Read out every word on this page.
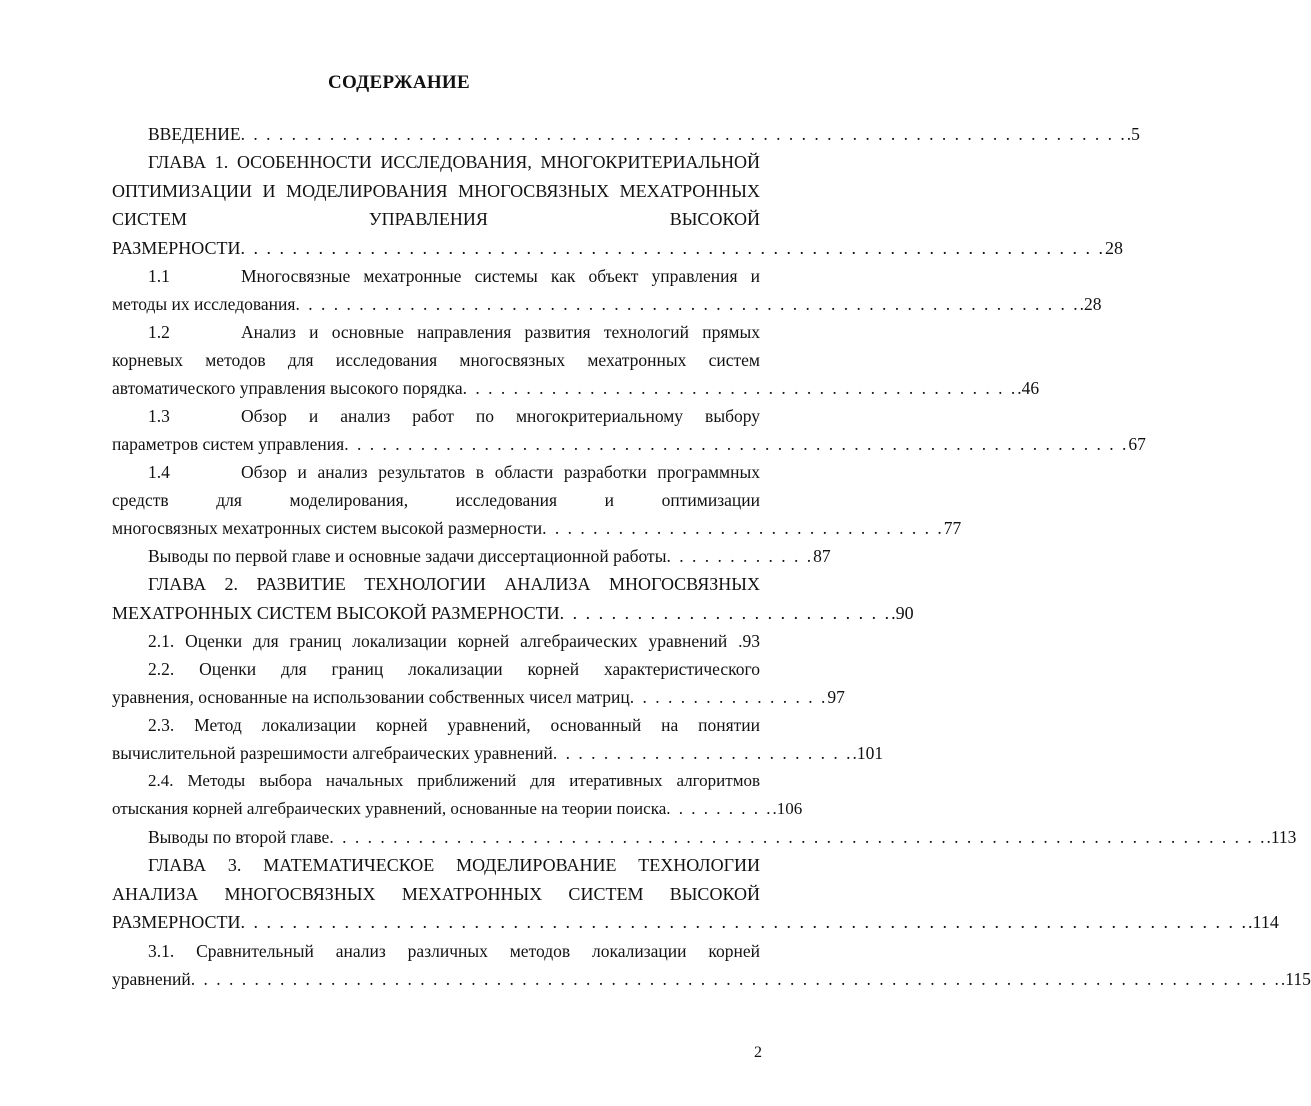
СОДЕРЖАНИЕ
ВВЕДЕНИЕ . . . . . . . . . . . . . . . . . . . . . . . . . . . . . . . . . . . . . . . . . . . . . . . . . . . . . . . . . . . . . . . . . . . . . . .5

ГЛАВА 1. ОСОБЕННОСТИ ИССЛЕДОВАНИЯ, МНОГОКРИТЕРИАЛЬНОЙ ОПТИМИЗАЦИИ И МОДЕЛИРОВАНИЯ МНОГОСВЯЗНЫХ МЕХАТРОННЫХ СИСТЕМ УПРАВЛЕНИЯ ВЫСОКОЙ

РАЗМЕРНОСТИ . . . . . . . . . . . . . . . . . . . . . . . . . . . . . . . . . . . . . . . . . . . . . . . . . . . . . . . . . . . . . . . . . . . 28

1.1	Многосвязные мехатронные системы как объект управления и

методы их исследования . . . . . . . . . . . . . . . . . . . . . . . . . . . . . . . . . . . . . . . . . . . . . . . . . . . . . . . . . . . . . . .28

1.2	Анализ и основные направления развития технологий прямых корневых методов для исследования многосвязных мехатронных систем

автоматического управления высокого порядка . . . . . . . . . . . . . . . . . . . . . . . . . . . . . . . . . . . . . . . . . . . . .46

1.3	Обзор и анализ работ по многокритериальному выбору

параметров систем управления . . . . . . . . . . . . . . . . . . . . . . . . . . . . . . . . . . . . . . . . . . . . . . . . . . . . . . . . . . . . . . 67

1.4	Обзор и анализ результатов в области разработки программных средств для моделирования, исследования и оптимизации

многосвязных мехатронных систем высокой размерности . . . . . . . . . . . . . . . . . . . . . . . . . . . . . . . . 77
Выводы по первой главе и основные задачи диссертационной работы . . . . . . . . . . . . 87

ГЛАВА 2. РАЗВИТИЕ ТЕХНОЛОГИИ АНАЛИЗА МНОГОСВЯЗНЫХ

МЕХАТРОННЫХ СИСТЕМ ВЫСОКОЙ РАЗМЕРНОСТИ . . . . . . . . . . . . . . . . . . . . . . . . . . .90

2.1. Оценки для границ локализации корней алгебраических уравнений .93

2.2. Оценки для границ локализации корней характеристического

уравнения, основанные на использовании собственных чисел матриц . . . . . . . . . . . . . . . . 97

2.3. Метод локализации корней уравнений, основанный на понятии

вычислительной разрешимости алгебраических уравнений . . . . . . . . . . . . . . . . . . . . . . . . .101

2.4. Методы выбора начальных приближений для итеративных алгоритмов

отыскания корней алгебраических уравнений, основанные на теории поиска . . . . . . . . . .106
Выводы по второй главе . . . . . . . . . . . . . . . . . . . . . . . . . . . . . . . . . . . . . . . . . . . . . . . . . . . . . . . . . . . . . . . . . . . . . . . . . . .113

ГЛАВА 3. МАТЕМАТИЧЕСКОЕ МОДЕЛИРОВАНИЕ ТЕХНОЛОГИИ АНАЛИЗА МНОГОСВЯЗНЫХ МЕХАТРОННЫХ СИСТЕМ ВЫСОКОЙ

РАЗМЕРНОСТИ . . . . . . . . . . . . . . . . . . . . . . . . . . . . . . . . . . . . . . . . . . . . . . . . . . . . . . . . . . . . . . . . . . . . . . . . . . . . . . .114

3.1. Сравнительный анализ различных методов локализации корней

уравнений . . . . . . . . . . . . . . . . . . . . . . . . . . . . . . . . . . . . . . . . . . . . . . . . . . . . . . . . . . . . . . . . . . . . . . . . . . . . . . . . . . . . . . .115
2
